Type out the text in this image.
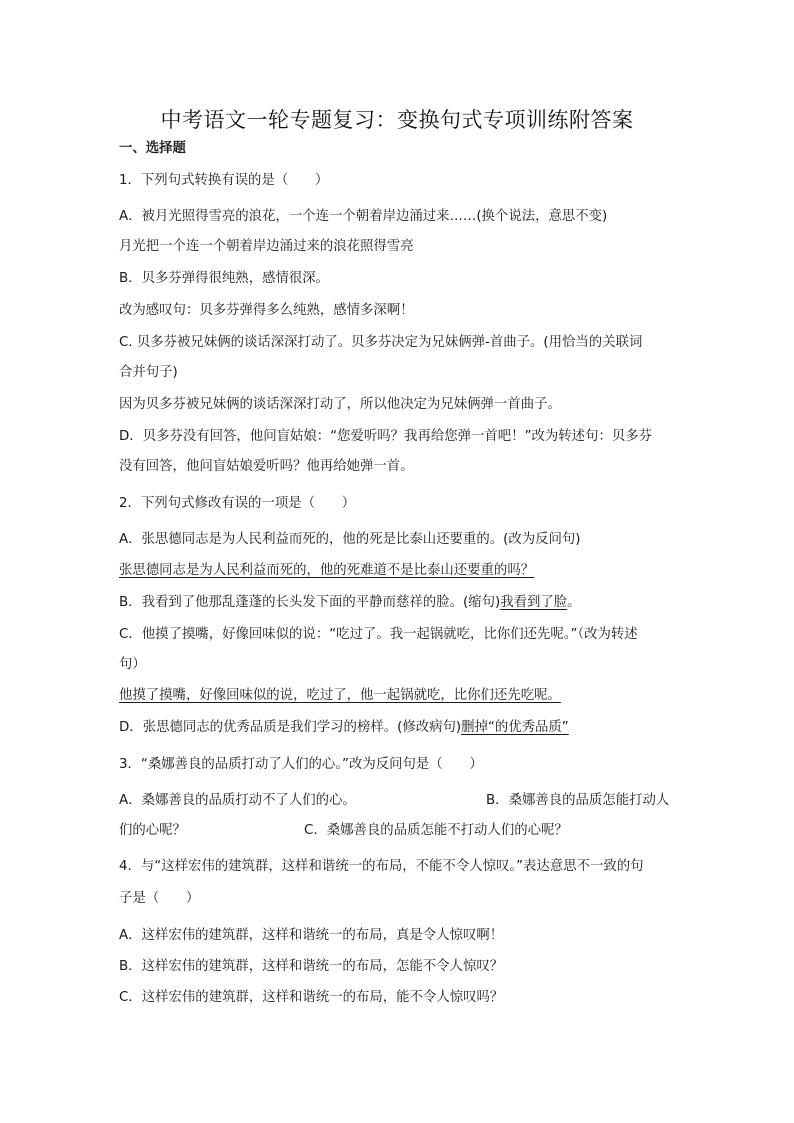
中考语文一轮专题复习：变换句式专项训练附答案
一、选择题
1．下列句式转换有误的是（　　）
A．被月光照得雪亮的浪花，一个连一个朝着岸边涌过来……(换个说法，意思不变)
月光把一个连一个朝着岸边涌过来的浪花照得雪亮
B．贝多芬弹得很纯熟，感情很深。
改为感叹句：贝多芬弹得多么纯熟，感情多深啊！
C. 贝多芬被兄妹俩的谈话深深打动了。贝多芬决定为兄妹俩弹-首曲子。(用恰当的关联词
合并句子)
因为贝多芬被兄妹俩的谈话深深打动了，所以他决定为兄妹俩弹一首曲子。
D．贝多芬没有回答，他问盲姑娘：“您爱听吗？我再给您弹一首吧！”改为转述句：贝多芬
没有回答，他问盲姑娘爱听吗？他再给她弹一首。
2．下列句式修改有误的一项是（　　）
A．张思德同志是为人民利益而死的，他的死是比泰山还要重的。(改为反问句)
张思德同志是为人民利益而死的，他的死难道不是比泰山还要重的吗？
B．我看到了他那乱蓬蓬的长头发下面的平静而慈祥的脸。(缩句)我看到了脸。
C．他摸了摸嘴，好像回味似的说：“吃过了。我一起锅就吃，比你们还先呢。”（改为转述
句）
他摸了摸嘴，好像回味似的说，吃过了，他一起锅就吃，比你们还先吃呢。
D．张思德同志的优秀品质是我们学习的榜样。(修改病句)删掉“的优秀品质”
3．“桑娜善良的品质打动了人们的心。”改为反问句是（　　）
A．桑娜善良的品质打动不了人们的心。	B．桑娜善良的品质怎能打动人
们的心呢？	C．桑娜善良的品质怎能不打动人们的心呢？
4．与“这样宏伟的建筑群，这样和谐统一的布局，不能不令人惊叹。”表达意思不一致的句
子是（　　）
A．这样宏伟的建筑群，这样和谐统一的布局，真是令人惊叹啊！
B．这样宏伟的建筑群，这样和谐统一的布局，怎能不令人惊叹？
C．这样宏伟的建筑群，这样和谐统一的布局，能不令人惊叹吗？
